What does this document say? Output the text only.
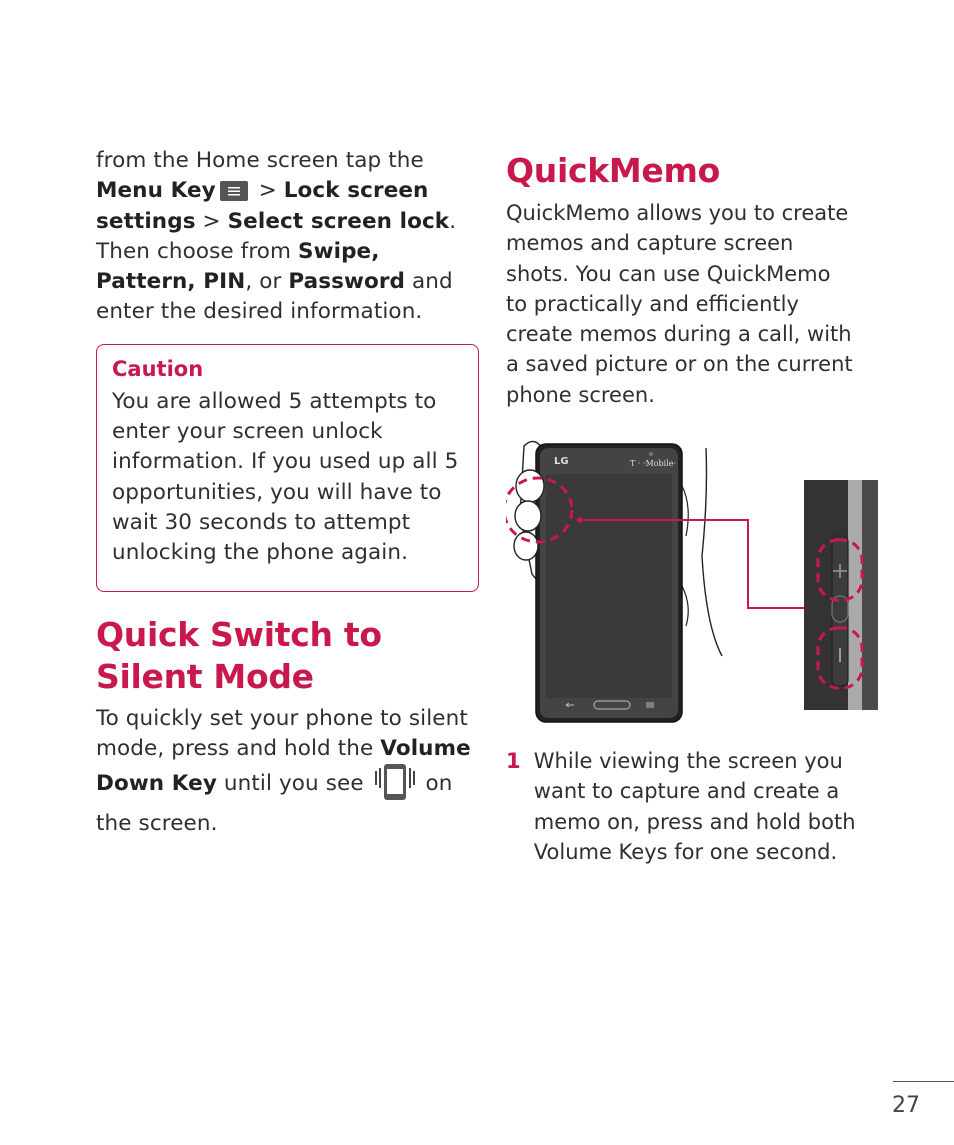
from the Home screen tap the
Menu Key
> Lock screen settings > Select screen lock. Then choose from Swipe, Pattern, PIN, or Password and enter the desired information.

Caution

You are allowed 5 attempts to enter your screen unlock information. If you used up all 5 opportunities, you will have to wait 30 seconds to attempt unlocking the phone again.

Quick Switch to Silent Mode

To quickly set your phone to silent mode, press and hold the Volume Down Key until you see  on the screen.

QuickMemo

QuickMemo allows you to create memos and capture screen shots. You can use QuickMemo to practically and efficiently create memos during a call, with a saved picture or on the current phone screen.

LG	T · ·Mobile·
1 While viewing the screen you want to capture and create a memo on, press and hold both Volume Keys for one second.
27
